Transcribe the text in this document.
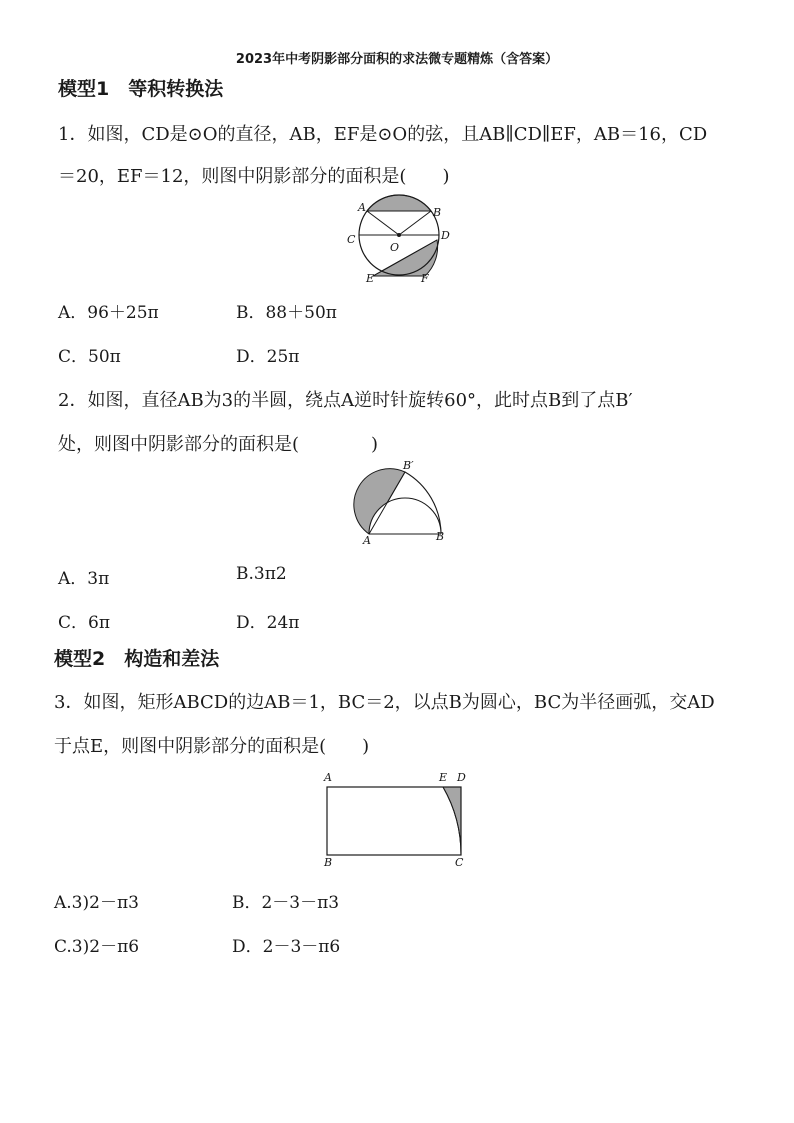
2023年中考阴影部分面积的求法微专题精炼（含答案）
模型1　等积转换法
1．如图，CD是⊙O的直径，AB，EF是⊙O的弦，且AB∥CD∥EF，AB＝16，CD
＝20，EF＝12，则图中阴影部分的面积是(　　)
A	B
C
O
D
E	F
A．96＋25π	B．88＋50π
C．50π	D．25π
2．如图，直径AB为3的半圆，绕点A逆时针旋转60°，此时点B到了点B′
处，则图中阴影部分的面积是(　　　　)
B′
A	B
A．3π	B.3π2
C．6π	D．24π
模型2　构造和差法
3．如图，矩形ABCD的边AB＝1，BC＝2，以点B为圆心，BC为半径画弧，交AD
于点E，则图中阴影部分的面积是(　　)
A	E D
B	C
A.3)2－π3	B．2－3－π3
C.3)2－π6	D．2－3－π6
